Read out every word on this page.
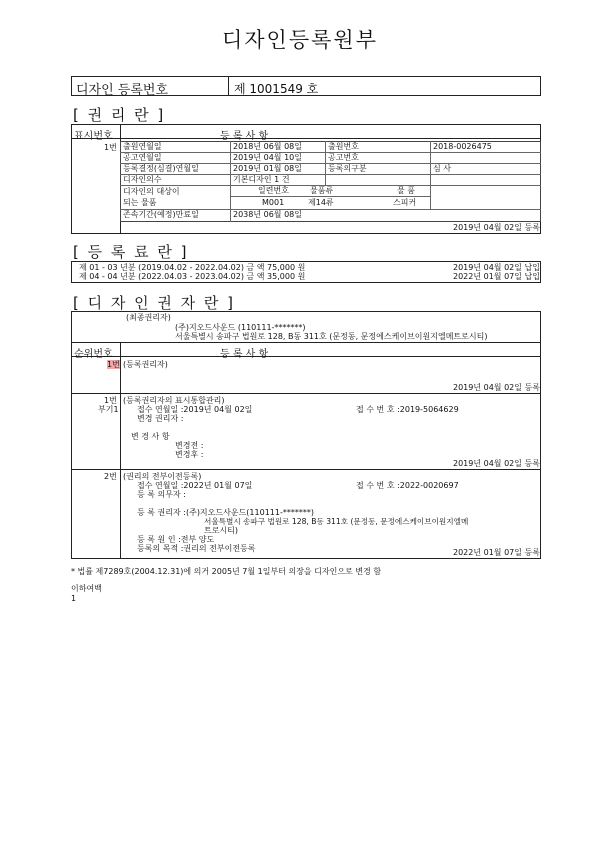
디자인등록원부
디자인 등록번호	제 1001549 호
[ 권 리 란 ]
표시번호	등 록 사 항
1번 출원연월일	2018년 06월 08일	출원번호	2018-0026475
공고연월일	2019년 04월 10일	공고번호
등록결정(심결)연월일	2019년 01월 08일	등록의구분	심 사
디자인의수	기본디자인 1 건
디자인의 대상이
되는 물품
일련번호	물품류	물 품
M001	제14류	스피커
존속기간(예정)만료일	2038년 06월 08일
2019년 04월 02일 등록
[ 등 록 료 란 ]
제 01 - 03 년분 (2019.04.02 - 2022.04.02) 금 액 75,000 원	2019년 04월 02일 납입
제 04 - 04 년분 (2022.04.03 - 2023.04.02) 금 액 35,000 원	2022년 01월 07일 납입
[ 디 자 인 권 자 란 ]
(최종권리자)
(주)지오드사운드 (110111-*******)
서울특별시 송파구 법원로 128, B동 311호 (문정동, 문정에스케이브이원지엘메트로시티)
순위번호	등 록 사 항
1번 (등록권리자)
2019년 04월 02일 등록
1번
부기1
(등록권리자의 표시통합관리)
접수 연월일 :2019년 04월 02일	접 수 번 호 :2019-5064629
변경 권리자 :
변 경 사 항
변경전 :
변경후 :
2019년 04월 02일 등록
2번 (권리의 전부이전등록)
접수 연월일 :2022년 01월 07일	접 수 번 호 :2022-0020697
등 록 의무자 :
등 록 권리자 :(주)지오드사운드(110111-*******)
서울특별시 송파구 법원로 128, B동 311호 (문정동, 문정에스케이브이원지엘메
트로시티)
등 록 원 인 :전부 양도
등록의 목적 :권리의 전부이전등록	2022년 01월 07일 등록
* 법률 제7289호(2004.12.31)에 의거 2005년 7월 1일부터 의장을 디자인으로 변경 함
이하여백
1
